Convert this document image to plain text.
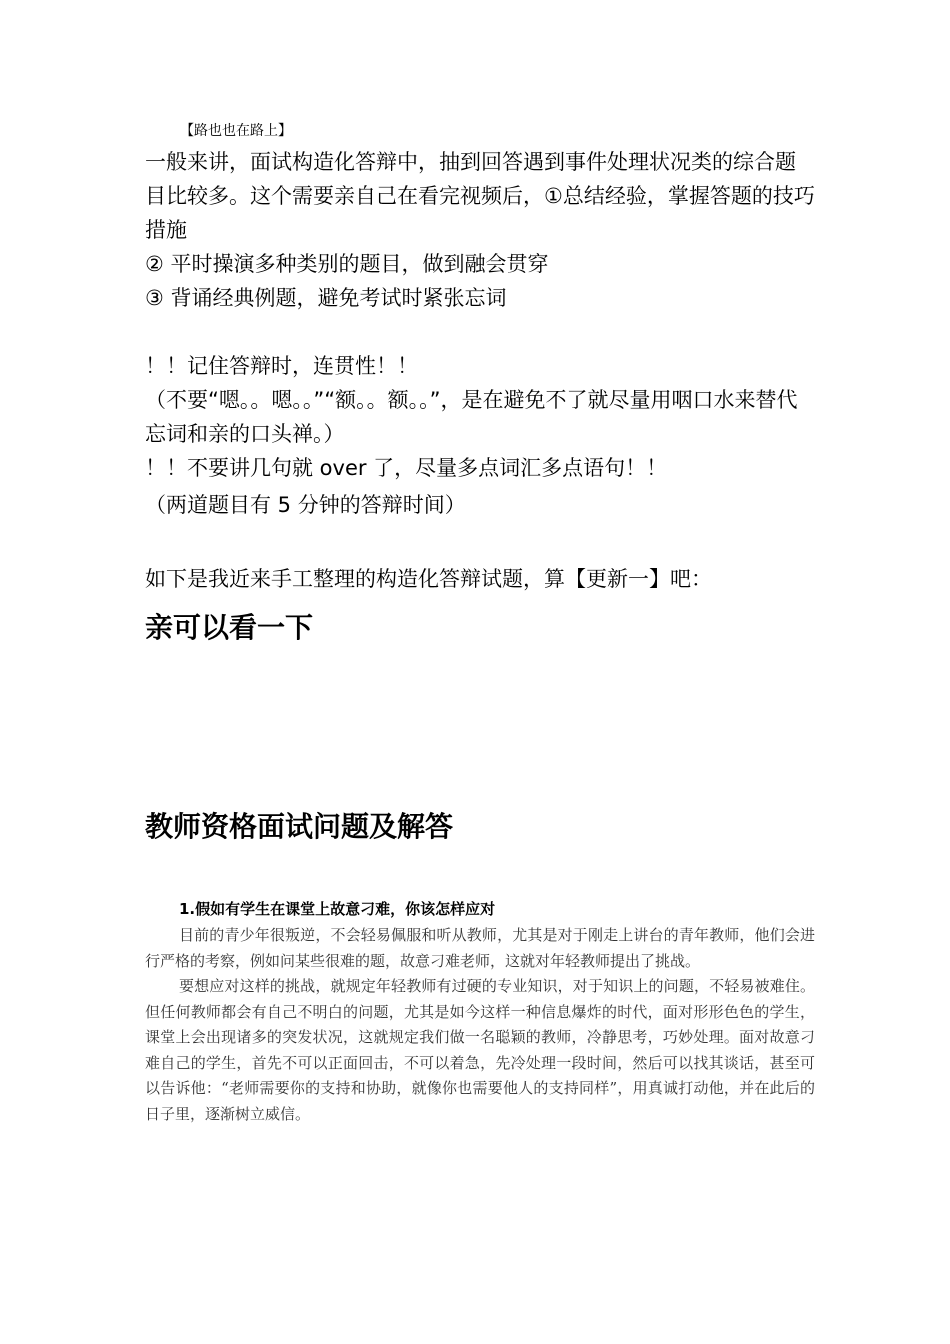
【路也也在路上】

一般来讲，面试构造化答辩中，抽到回答遇到事件处理状况类的综合题目比较多。这个需要亲自己在看完视频后，①总结经验，掌握答题的技巧措施

② 平时操演多种类别的题目，做到融会贯穿

③ 背诵经典例题，避免考试时紧张忘词

！！记住答辩时，连贯性！！

（不要“嗯。。嗯。。”“额。。额。。”，是在避免不了就尽量用咽口水来替代忘词和亲的口头禅。）

！！不要讲几句就 over 了，尽量多点词汇多点语句！！

（两道题目有 5 分钟的答辩时间）

如下是我近来手工整理的构造化答辩试题，算【更新一】吧：

亲可以看一下
教师资格面试问题及解答

1.假如有学生在课堂上故意刁难，你该怎样应对

目前的青少年很叛逆，不会轻易佩服和听从教师，尤其是对于刚走上讲台的青年教师，他们会进行严格的考察，例如问某些很难的题，故意刁难老师，这就对年轻教师提出了挑战。

要想应对这样的挑战，就规定年轻教师有过硬的专业知识，对于知识上的问题，不轻易被难住。但任何教师都会有自己不明白的问题，尤其是如今这样一种信息爆炸的时代，面对形形色色的学生，课堂上会出现诸多的突发状况，这就规定我们做一名聪颖的教师，冷静思考，巧妙处理。面对故意刁难自己的学生，首先不可以正面回击，不可以着急，先冷处理一段时间，然后可以找其谈话，甚至可以告诉他：“老师需要你的支持和协助，就像你也需要他人的支持同样”，用真诚打动他，并在此后的日子里，逐渐树立威信。
